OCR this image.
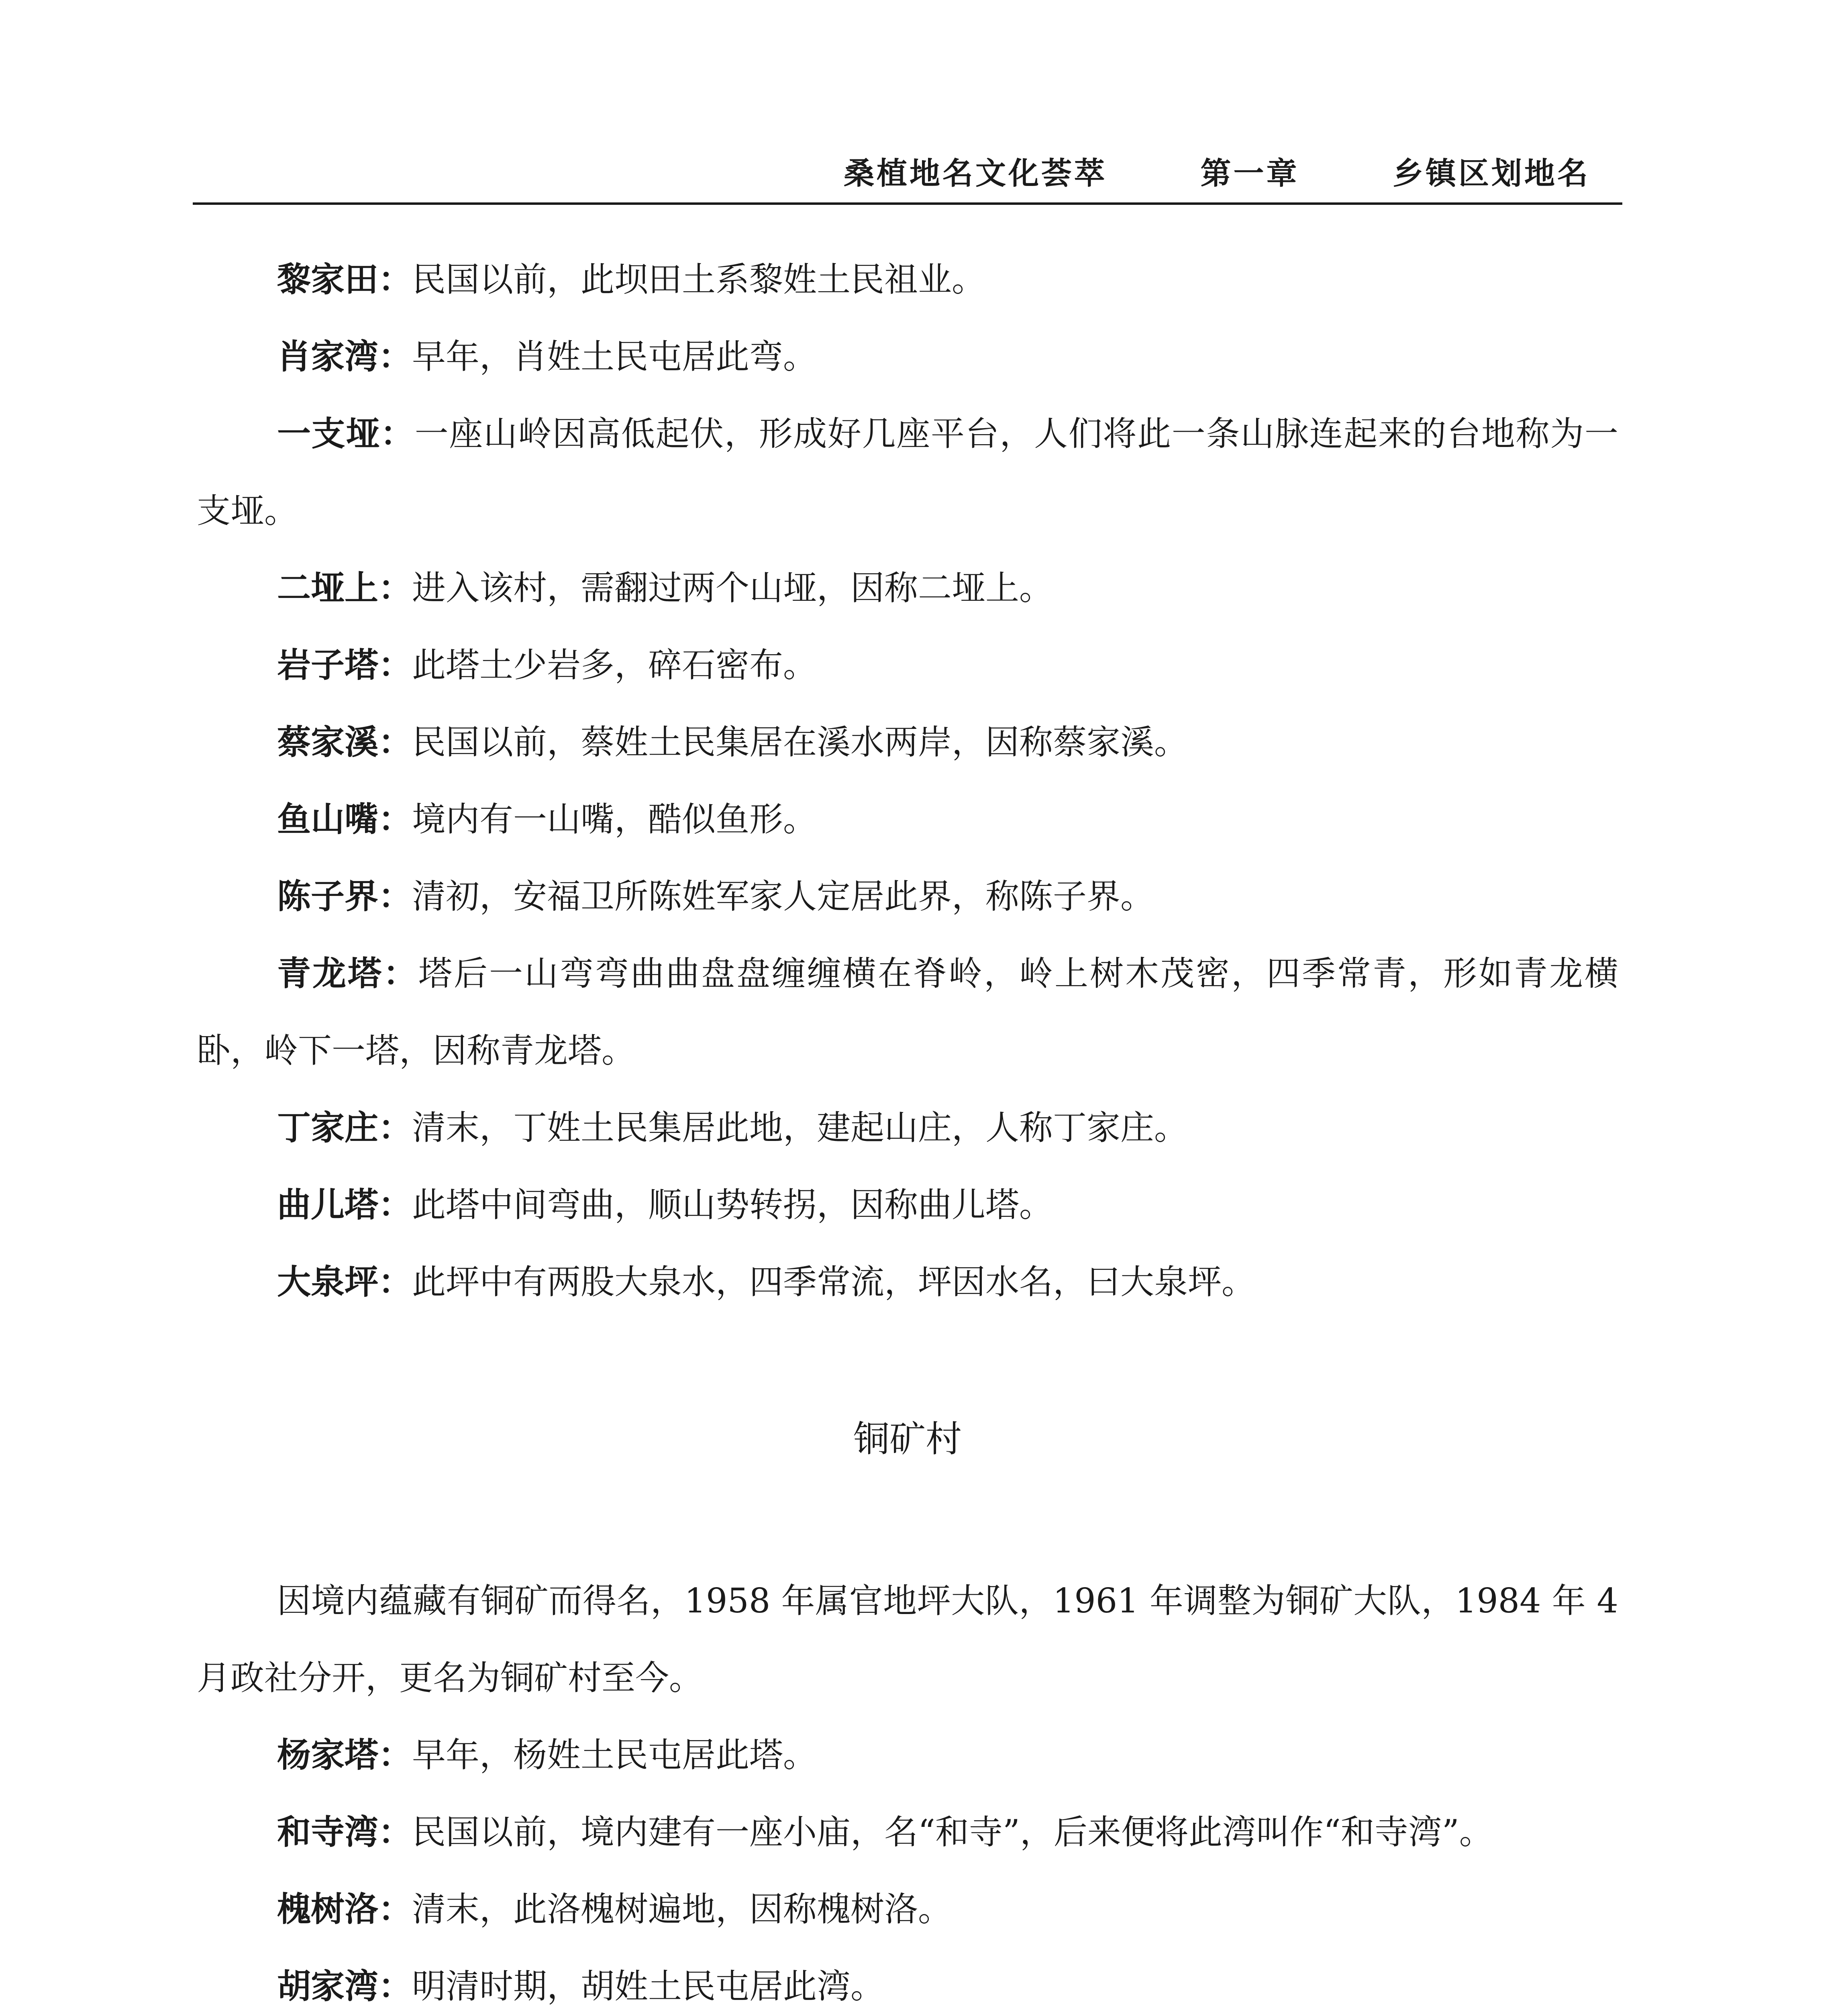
桑植地名文化荟萃	第一章	乡镇区划地名

黎家田：民国以前，此坝田土系黎姓土民祖业。

肖家湾：早年，肖姓土民屯居此弯。

一支垭：一座山岭因高低起伏，形成好几座平台，人们将此一条山脉连起来的台地称为一支垭。

二垭上：进入该村，需翻过两个山垭，因称二垭上。

岩子塔：此塔土少岩多，碎石密布。

蔡家溪：民国以前，蔡姓土民集居在溪水两岸，因称蔡家溪。

鱼山嘴：境内有一山嘴，酷似鱼形。

陈子界：清初，安福卫所陈姓军家人定居此界，称陈子界。

青龙塔：塔后一山弯弯曲曲盘盘缠缠横在脊岭，岭上树木茂密，四季常青，形如青龙横卧，岭下一塔，因称青龙塔。

丁家庄：清末，丁姓土民集居此地，建起山庄，人称丁家庄。

曲儿塔：此塔中间弯曲，顺山势转拐，因称曲儿塔。

大泉坪：此坪中有两股大泉水，四季常流，坪因水名，曰大泉坪。

铜矿村

因境内蕴藏有铜矿而得名，1958 年属官地坪大队，1961 年调整为铜矿大队，1984 年 4 月政社分开，更名为铜矿村至今。

杨家塔：早年，杨姓土民屯居此塔。

和寺湾：民国以前，境内建有一座小庙，名“和寺”，后来便将此湾叫作“和寺湾”。

槐树洛：清末，此洛槐树遍地，因称槐树洛。

胡家湾：明清时期，胡姓土民屯居此湾。
